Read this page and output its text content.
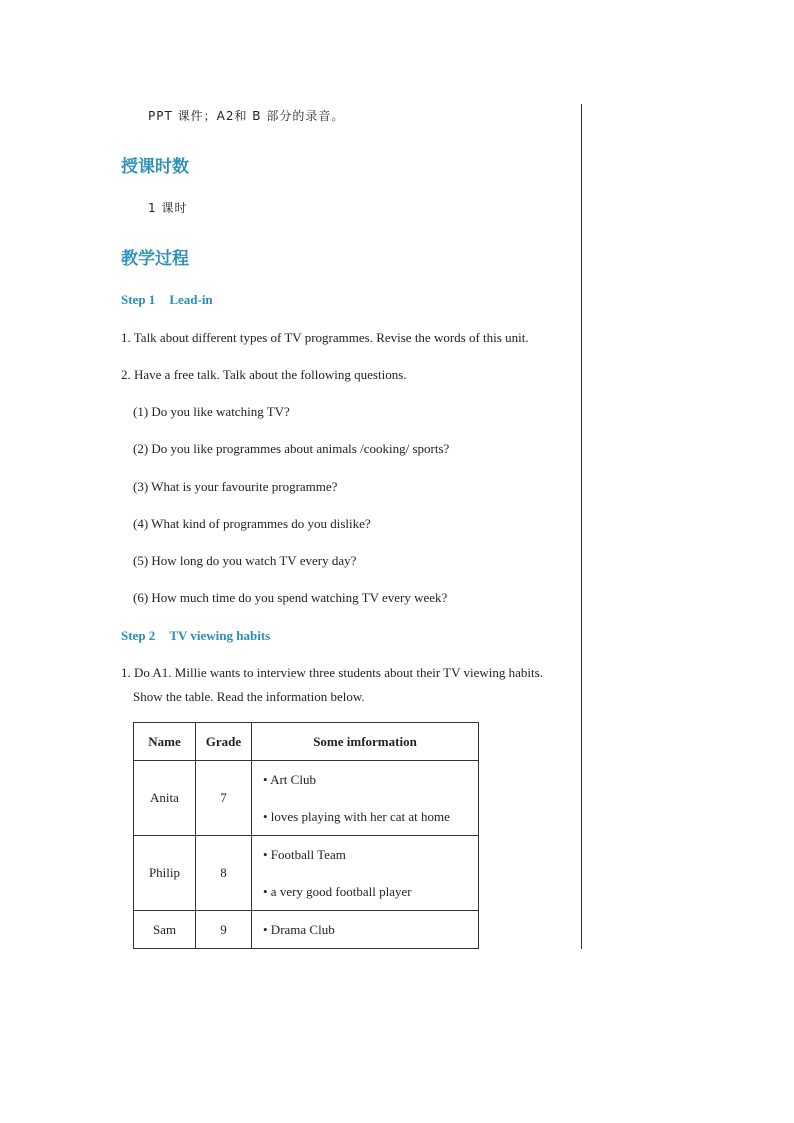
PPT 课件；A2和 B 部分的录音。
授课时数
1 课时
教学过程
Step 1 Lead-in
1. Talk about different types of TV programmes. Revise the words of this unit.
2. Have a free talk. Talk about the following questions.
(1) Do you like watching TV?
(2) Do you like programmes about animals /cooking/ sports?
(3) What is your favourite programme?
(4) What kind of programmes do you dislike?
(5) How long do you watch TV every day?
(6) How much time do you spend watching TV every week?
Step 2 TV viewing habits
1. Do A1. Millie wants to interview three students about their TV viewing habits.
Show the table. Read the information below.
Name	Grade	Some imformation
Anita	7	• Art Club
• loves playing with her cat at home

Philip	8	• Football Team
• a very good football player

Sam	9	• Drama Club
